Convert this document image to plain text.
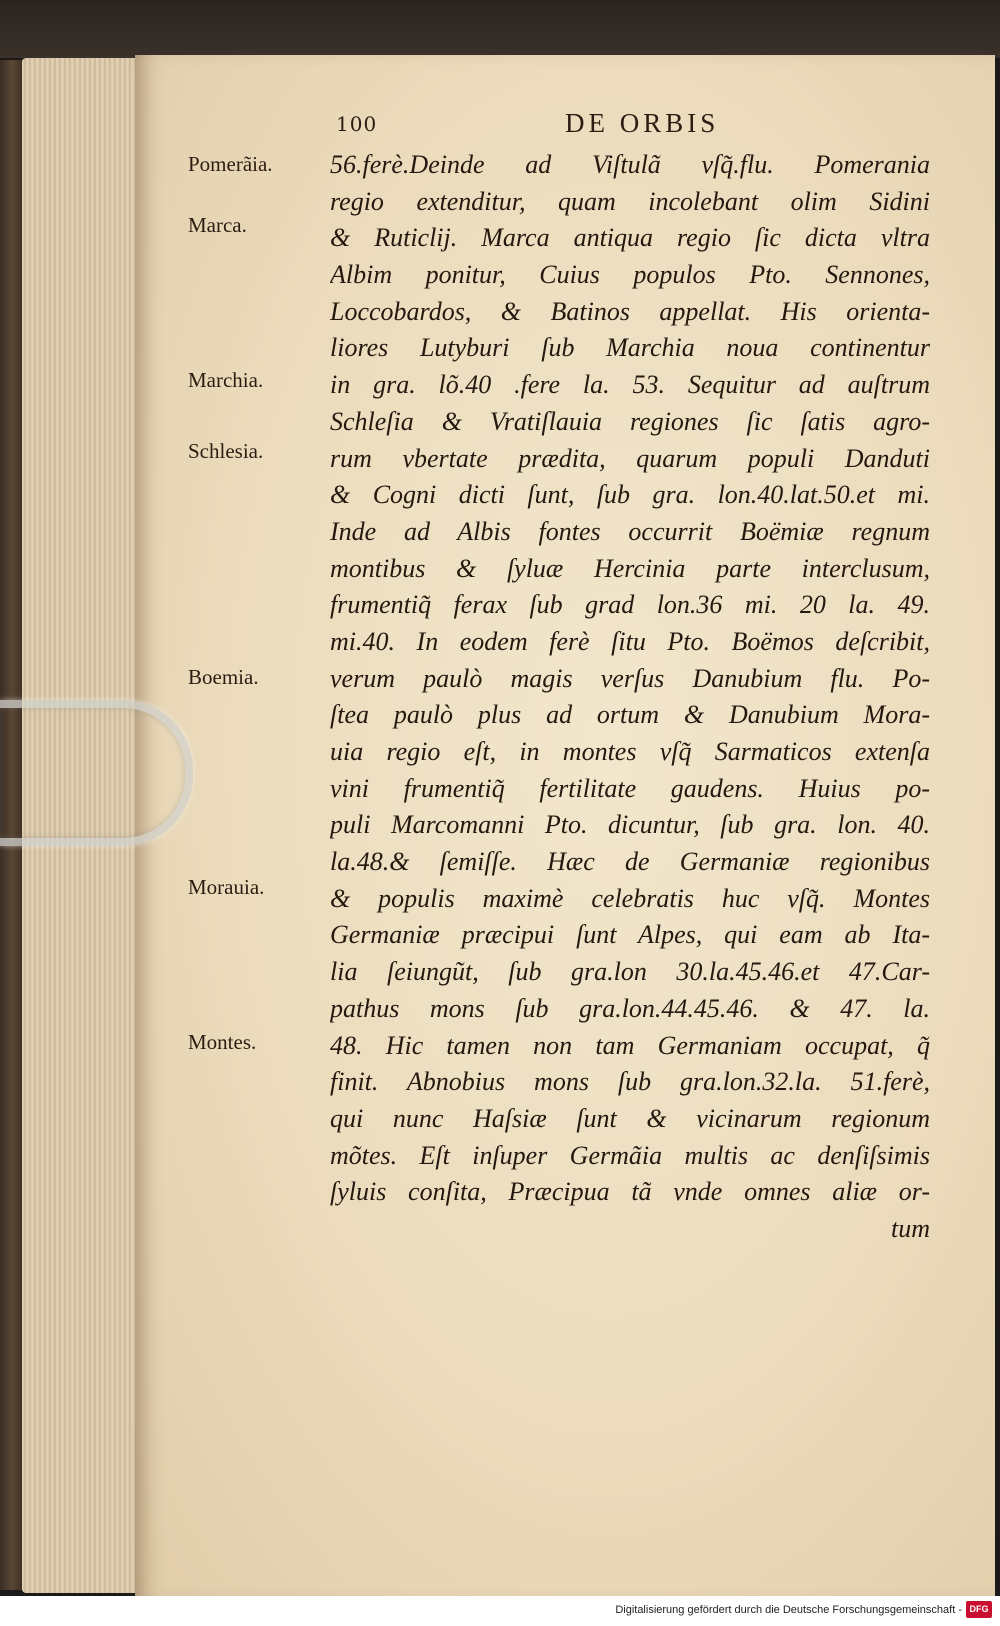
100	DE ORBIS
Pomerãia.
Marca.
Marchia.
Schlesia.
Boemia.
Morauia.
Montes.
56.ferè.Deinde ad Viſtulã vſq͂.flu. Pomerania
regio extenditur, quam incolebant olim Sidini
& Ruticlij. Marca antiqua regio ſic dicta vltra
Albim ponitur, Cuius populos Pto. Sennones,
Loccobardos, & Batinos appellat. His orienta-
liores Lutyburi ſub Marchia noua continentur
in gra. lõ.40 .fere la. 53. Sequitur ad auſtrum
Schleſia & Vratiſlauia regiones ſic ſatis agro-
rum vbertate prædita, quarum populi Danduti
& Cogni dicti ſunt, ſub gra. lon.40.lat.50.et mi.
Inde ad Albis fontes occurrit Boëmiæ regnum
montibus & ſyluæ Hercinia parte interclusum,
frumentiq͂ ferax ſub grad lon.36 mi. 20 la. 49.
mi.40. In eodem ferè ſitu Pto. Boëmos deſcribit,
verum paulò magis verſus Danubium flu. Po-
ſtea paulò plus ad ortum & Danubium Mora-
uia regio eſt, in montes vſq͂ Sarmaticos extenſa
vini frumentiq͂ fertilitate gaudens. Huius po-
puli Marcomanni Pto. dicuntur, ſub gra. lon. 40.
la.48.& ſemiſſe. Hæc de Germaniæ regionibus
& populis maximè celebratis huc vſq͂. Montes
Germaniæ præcipui ſunt Alpes, qui eam ab Ita-
lia ſeiungũt, ſub gra.lon 30.la.45.46.et 47.Car-
pathus mons ſub gra.lon.44.45.46. & 47. la.
48. Hic tamen non tam Germaniam occupat, q͂
finit. Abnobius mons ſub gra.lon.32.la. 51.ferè,
qui nunc Haſsiæ ſunt & vicinarum regionum
mõtes. Eſt inſuper Germãia multis ac denſiſsimis
ſyluis conſita, Præcipua tã vnde omnes aliæ or-
tum
Digitalisierung gefördert durch die Deutsche Forschungsgemeinschaft - DFG
